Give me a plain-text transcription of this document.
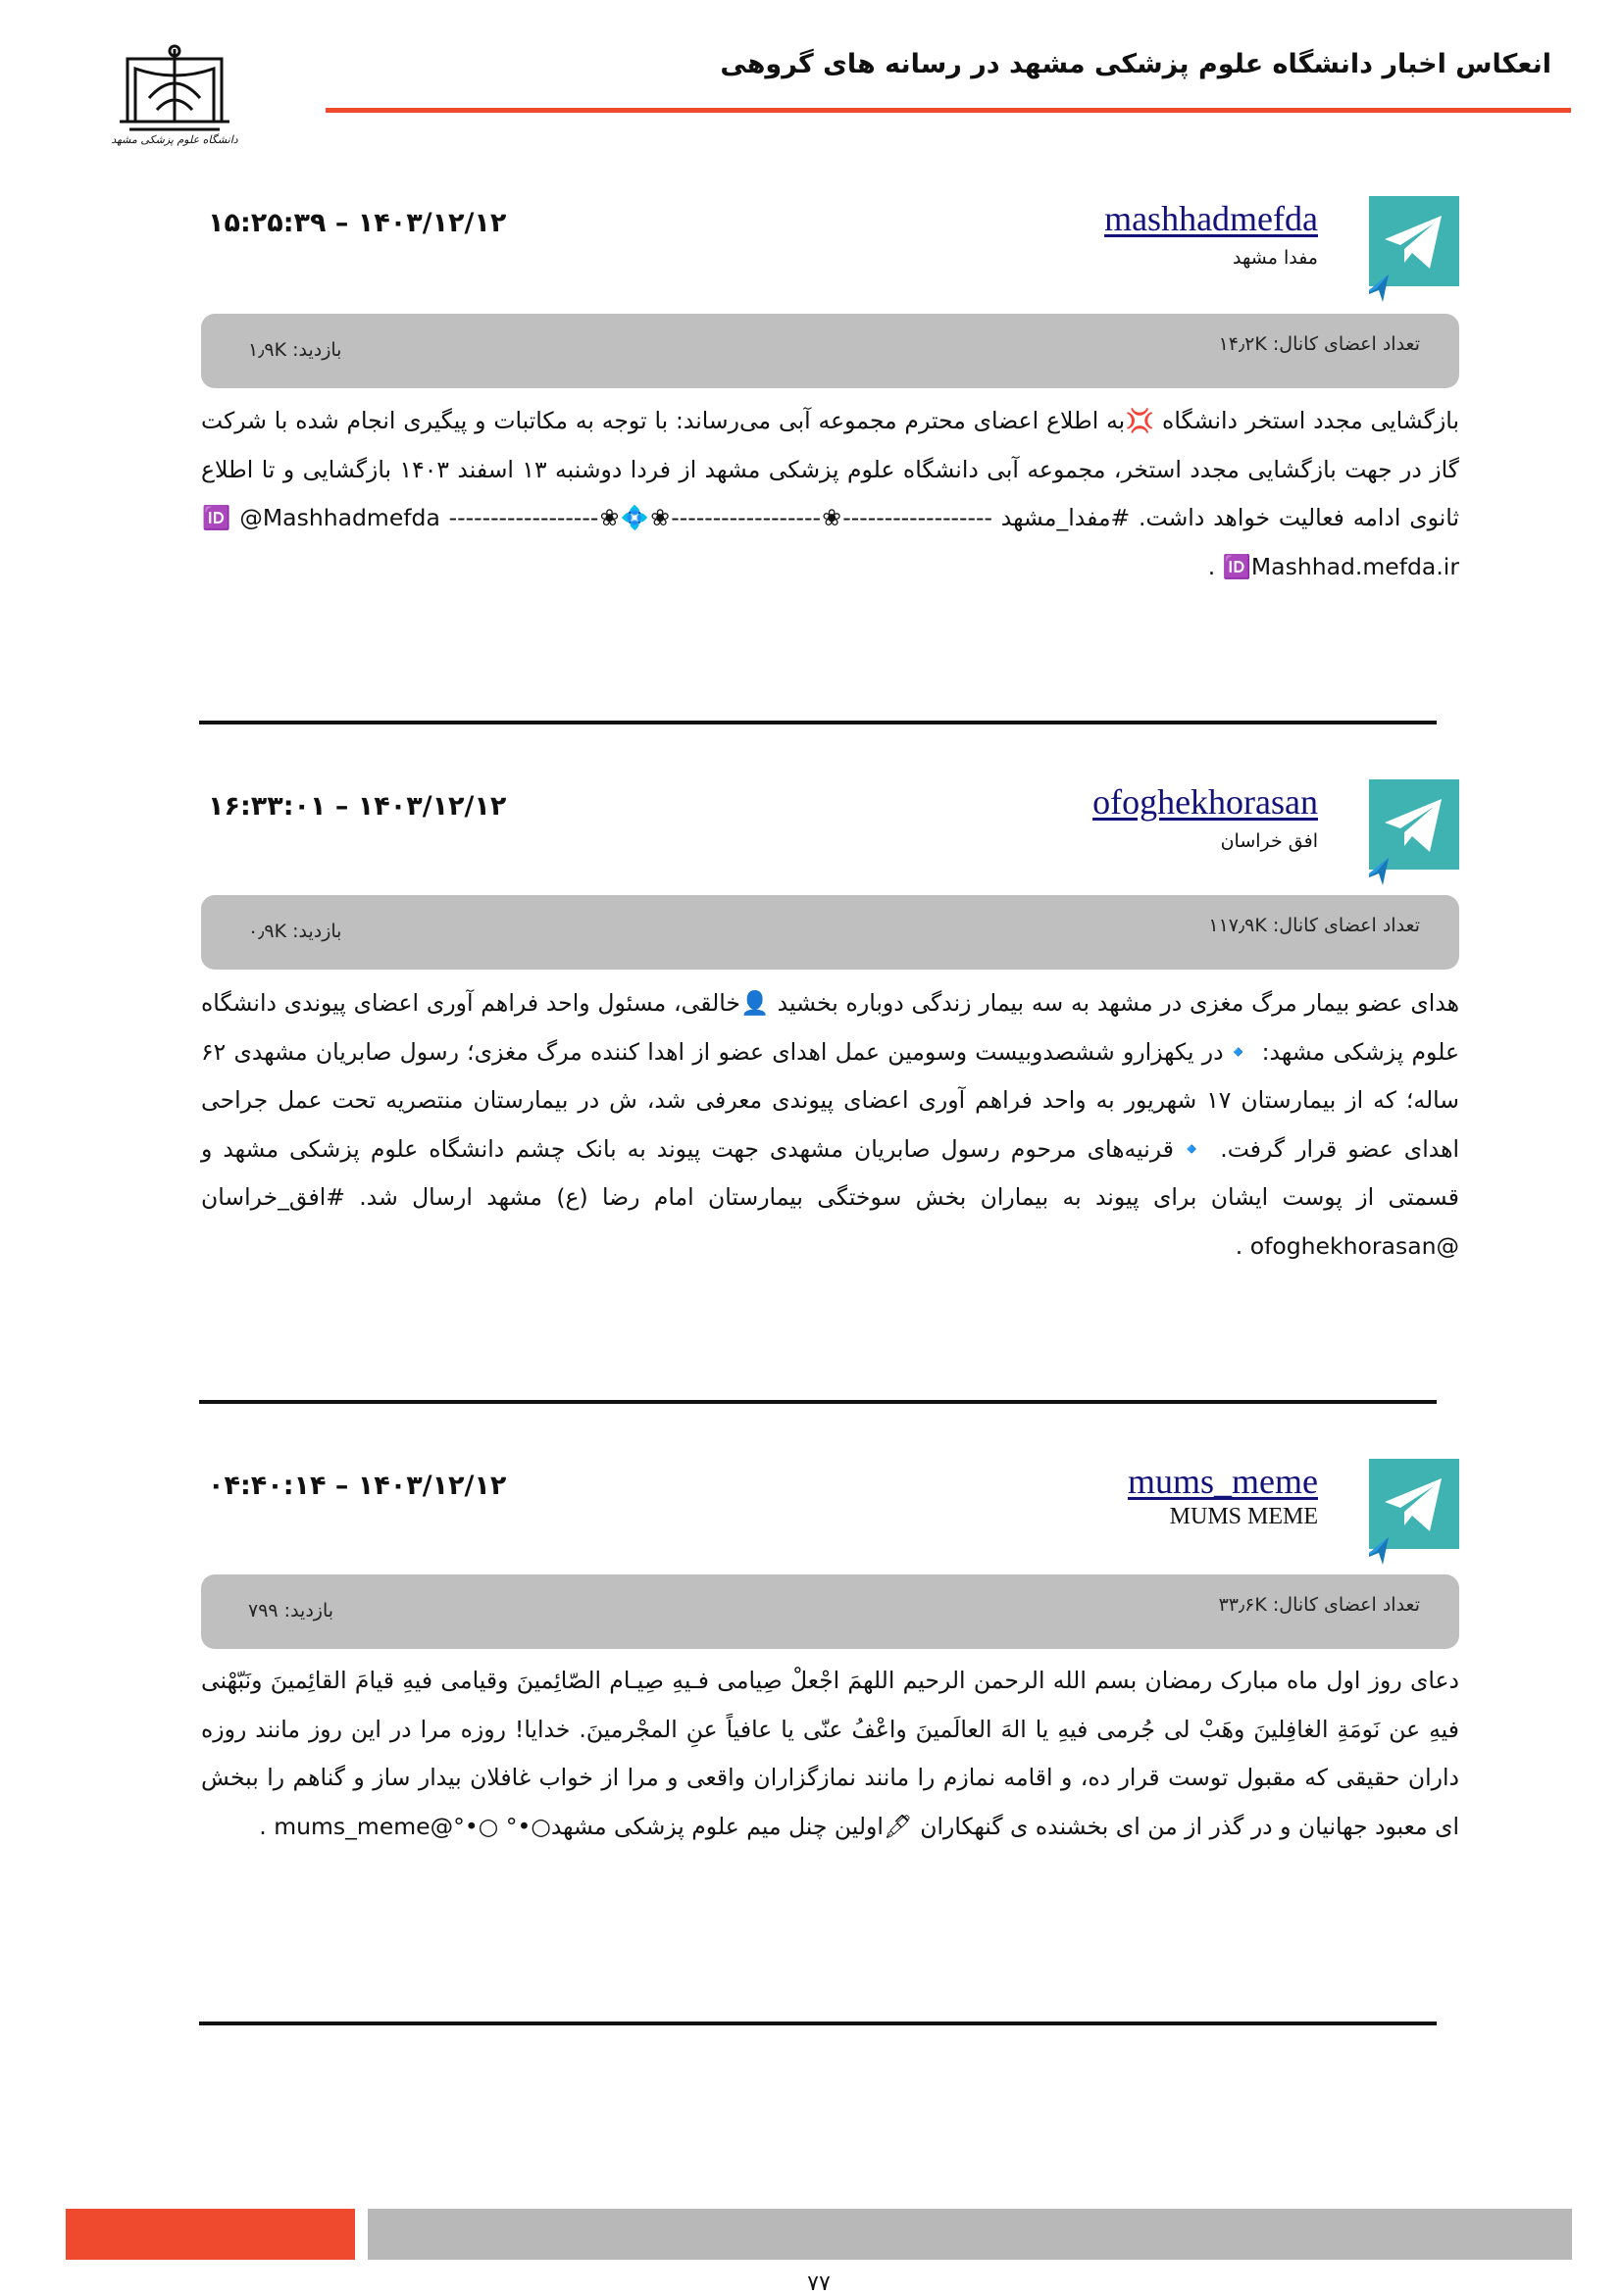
دانشگاه علوم پزشکی مشهد
انعکاس اخبار دانشگاه علوم پزشکی مشهد در رسانه های گروهی
mashhadmefda
مفدا مشهد
۱۴۰۳/۱۲/۱۲ – ۱۵:۲۵:۳۹
تعداد اعضای کانال: ۱۴٫۲K
بازدید: ۱٫۹K
بازگشایی مجدد استخر دانشگاه 💢به اطلاع اعضای محترم مجموعه آبی می‌رساند: با توجه به مکاتبات و پیگیری انجام شده با شرکت گاز در جهت بازگشایی مجدد استخر، مجموعه آبی دانشگاه علوم پزشکی مشهد از فردا دوشنبه ۱۳ اسفند ۱۴۰۳ بازگشایی و تا اطلاع ثانوی ادامه فعالیت خواهد داشت. #مفدا_مشهد ------------------❀------------------❀💠❀------------------ 🆔 @Mashhadmefda 🆔Mashhad.mefda.ir .
ofoghekhorasan
افق خراسان
۱۴۰۳/۱۲/۱۲ – ۱۶:۳۳:۰۱
تعداد اعضای کانال: ۱۱۷٫۹K
بازدید: ۰٫۹K
هدای عضو بیمار مرگ مغزی در مشهد به سه بیمار زندگی دوباره بخشید 👤خالقی، مسئول واحد فراهم آوری اعضای پیوندی دانشگاه علوم پزشکی مشهد: 🔹در یکهزارو ششصدوبیست وسومین عمل اهدای عضو از اهدا کننده مرگ مغزی؛ رسول صابریان مشهدی ۶۲ ساله؛ که از بیمارستان ۱۷ شهریور به واحد فراهم آوری اعضای پیوندی معرفی شد، ش در بیمارستان منتصریه تحت عمل جراحی اهدای عضو قرار گرفت. 🔹قرنیه‌های مرحوم رسول صابریان مشهدی جهت پیوند به بانک چشم دانشگاه علوم پزشکی مشهد و قسمتی از پوست ایشان برای پیوند به بیماران بخش سوختگی بیمارستان امام رضا (ع) مشهد ارسال شد. #افق_خراسان @ofoghekhorasan .
mums_meme
MUMS MEME
۱۴۰۳/۱۲/۱۲ – ۰۴:۴۰:۱۴
تعداد اعضای کانال: ۳۳٫۶K
بازدید: ۷۹۹
دعای روز اول ماه مبارک رمضان بسم الله الرحمن الرحیم اللهمَ اجْعلْ صِیامی فـیهِ صِیـام الصّائِمینَ وقیامی فیهِ قیامَ القائِمینَ ونَبّهْنی فیهِ عن نَومَةِ الغافِلینَ وهَبْ لی جُرمی فیهِ یا الهَ العالَمینَ واعْفُ عنّی یا عافیاً عنِ المجْرمینَ. خدایا! روزه مرا در این روز مانند روزه داران حقیقی که مقبول توست قرار ده، و اقامه نمازم را مانند نمازگزاران واقعی و مرا از خواب غافلان بیدار ساز و گناهم را ببخش ای معبود جهانیان و در گذر از من ای بخشنده ی گنهکاران 🖋اولین چنل میم علوم پزشکی مشهد○•° ○•°@mums_meme .
۷۷
